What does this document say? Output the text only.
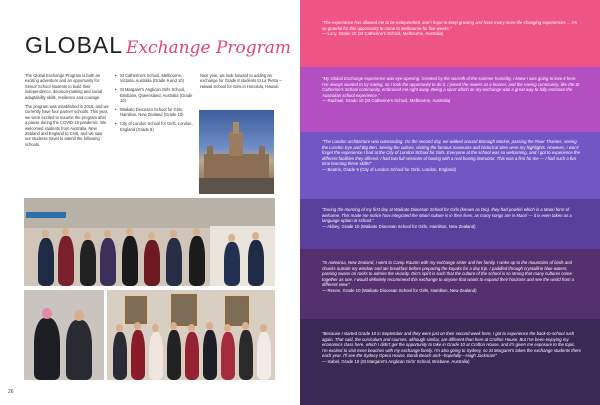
GLOBAL Exchange Program

The Global Exchange Program is both an exciting adventure and an opportunity for Senior School students to build their independence, decision-making and social adaptability skills, resilience and courage.

The program was established in 2015, and we currently have four partner schools. This year, we were excited to resume the program after a pause during the COVID-19 pandemic. We welcomed students from Australia, New Zealand and England to CHS, and we saw our students travel to attend the following schools.

• St Catherine's School, Melbourne, Victoria, Australia (Grade 9 and 10)
• St Margaret's Anglican Girls School, Brisbane, Queensland, Australia (Grade 10)
• Waikato Diocesan School for Girls, Hamilton, New Zealand (Grade 10)
• City of London School for Girls, London, England (Grade 9)

Next year, we look forward to adding an exchange for Grade 8 students to La Pietra – Hawaii School for Girls in Honolulu, Hawaii.

26
"The experience has allowed me to be independent, and I hope to keep growing and have many more life-changing experiences ... I'm so grateful for this opportunity to come to Melbourne for five weeks."
— Lucy, Grade 10 (St Catherine's School, Melbourne, Australia)
"My Global Exchange experience was eye-opening. Greeted by the warmth of the summer humidity, I knew I was going to love it here. I've always wanted to try rowing, so I took the opportunity to do it. I joined the rowers as a learner, and the rowing community, like the St Catherine's School community, embraced me right away. Being a sport which on my exchange was a great way to fully embrace the Australian school experience."
— Rachael, Grade 10 (St Catherine's School, Melbourne, Australia)
"The London architecture was outstanding. On the second day, we walked around Borough Market, passing the River Thames, seeing the London Eye and Big Ben. Seeing the culture, visiting the famous museums and historical sites were my highlights. However, I won't forget the experience I had at the City of London School for Girls. Everyone at the school was so welcoming, and I got to experience the different facilities they offered. I had two full sessions of boxing with a real boxing instructor. This was a first for me — I had such a fun time learning these skills!"
— Beatrix, Grade 9 (City of London School for Girls, London, England)
"During the morning of my first day at Waikato Diocesan School for Girls (known as Dio), they had powhiri which is a Maori form of welcome. This made me notice how integrated the Maori culture is in their lives, as many songs are in Maori — it is even taken as a language option at school."
— Abbey, Grade 10 (Waikato Diocesan School for Girls, Hamilton, New Zealand)
"In Aotearoa, New Zealand, I went to Camp Raurim with my exchange sister and her family. I woke up to the mountains of birds and chunks outside my window and ate breakfast before preparing the kayaks for a day trip. I paddled through crystalline blue waters, passing swans on rocks to admire the vivacity. Dio's spirit is such that the culture of the school is so strong that many cultures come together as one. I would definitely recommend this exchange to anyone that wants to expand their horizons and see the world from a different view."
— Renee, Grade 10 (Waikato Diocesan School for Girls, Hamilton, New Zealand)
"Because I started Grade 10 in September and they were just on their second week here, I got to experience the back-to-school rush again. That said, the curriculum and courses, although similar, are different than here at Crofton House. But I've been enjoying my economics class here, which I didn't get the opportunity to take in Grade 10 at Crofton House, and it's given me exposure to the topic. I'm excited to visit more beaches with my exchange family. I'm also going to Sydney, so St Margaret's takes the exchange students there each year. I'll see the Sydney Opera House, Bondi Beach and—hopefully—Hugh Jackman!"
— Isabel, Grade 10 (St Margaret's Anglican Girls' School, Brisbane, Australia)
